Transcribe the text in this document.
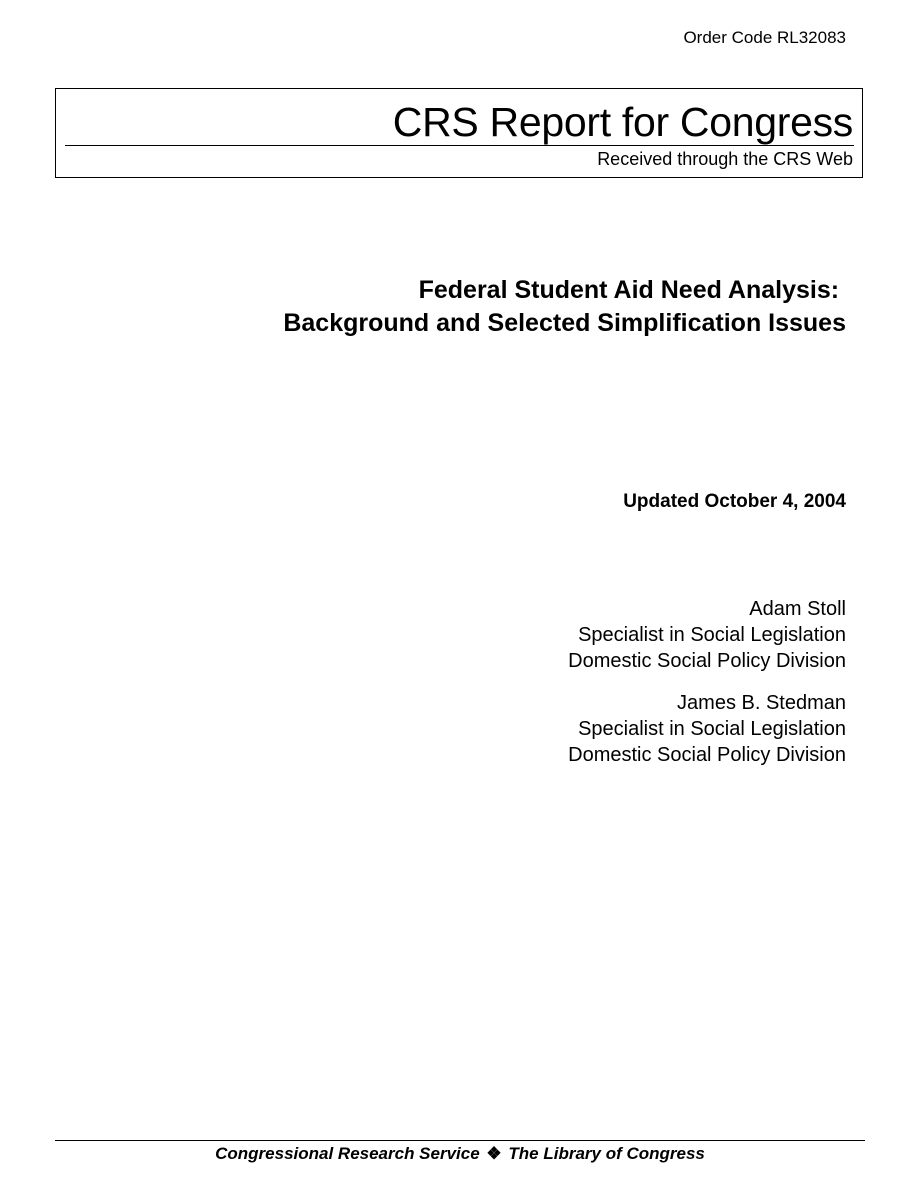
Order Code RL32083
CRS Report for Congress
Received through the CRS Web
Federal Student Aid Need Analysis:
Background and Selected Simplification Issues
Updated October 4, 2004
Adam Stoll
Specialist in Social Legislation
Domestic Social Policy Division
James B. Stedman
Specialist in Social Legislation
Domestic Social Policy Division
Congressional Research Service ❖ The Library of Congress
